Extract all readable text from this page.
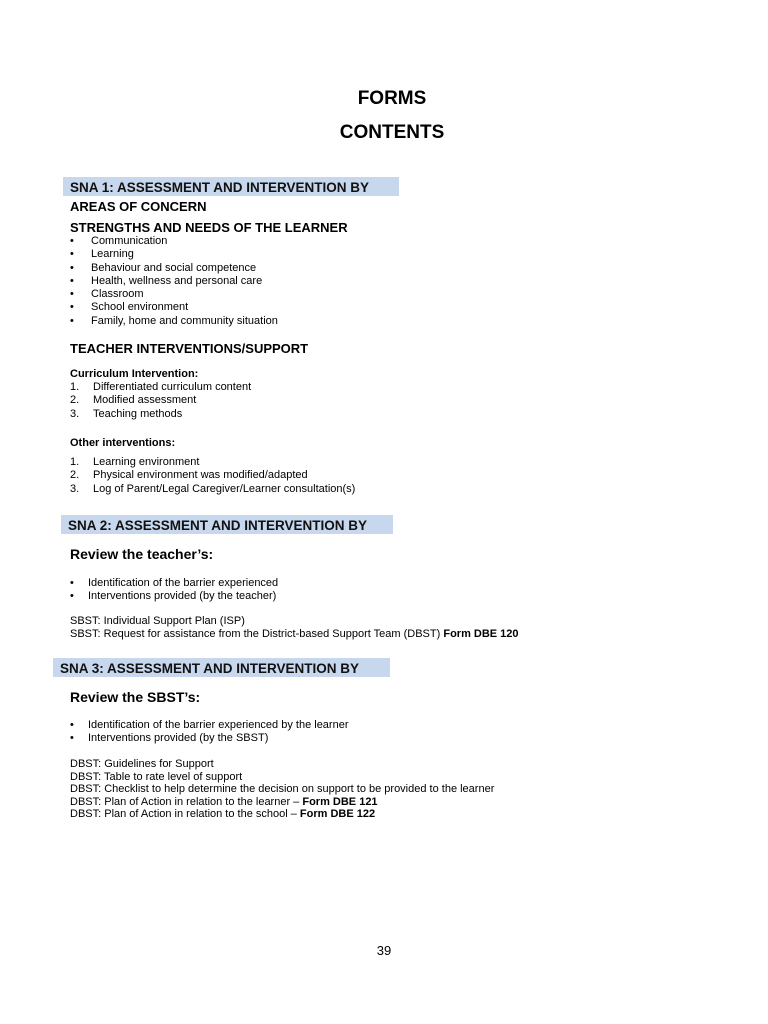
FORMS
CONTENTS
SNA 1: ASSESSMENT AND INTERVENTION BY
AREAS OF CONCERN
STRENGTHS AND NEEDS OF THE LEARNER
• Communication
• Learning
• Behaviour and social competence
• Health, wellness and personal care
• Classroom
• School environment
• Family, home and community situation
TEACHER INTERVENTIONS/SUPPORT
Curriculum Intervention:
1. Differentiated curriculum content
2. Modified assessment
3. Teaching methods
Other interventions:
1. Learning environment
2. Physical environment was modified/adapted
3. Log of Parent/Legal Caregiver/Learner consultation(s)
SNA 2: ASSESSMENT AND INTERVENTION BY
Review the teacher’s:
• Identification of the barrier experienced
• Interventions provided (by the teacher)
SBST: Individual Support Plan (ISP)
SBST: Request for assistance from the District-based Support Team (DBST) Form DBE 120
SNA 3: ASSESSMENT AND INTERVENTION BY
Review the SBST’s:
• Identification of the barrier experienced by the learner
• Interventions provided (by the SBST)
DBST: Guidelines for Support
DBST: Table to rate level of support
DBST: Checklist to help determine the decision on support to be provided to the learner
DBST: Plan of Action in relation to the learner – Form DBE 121
DBST: Plan of Action in relation to the school – Form DBE 122
39
